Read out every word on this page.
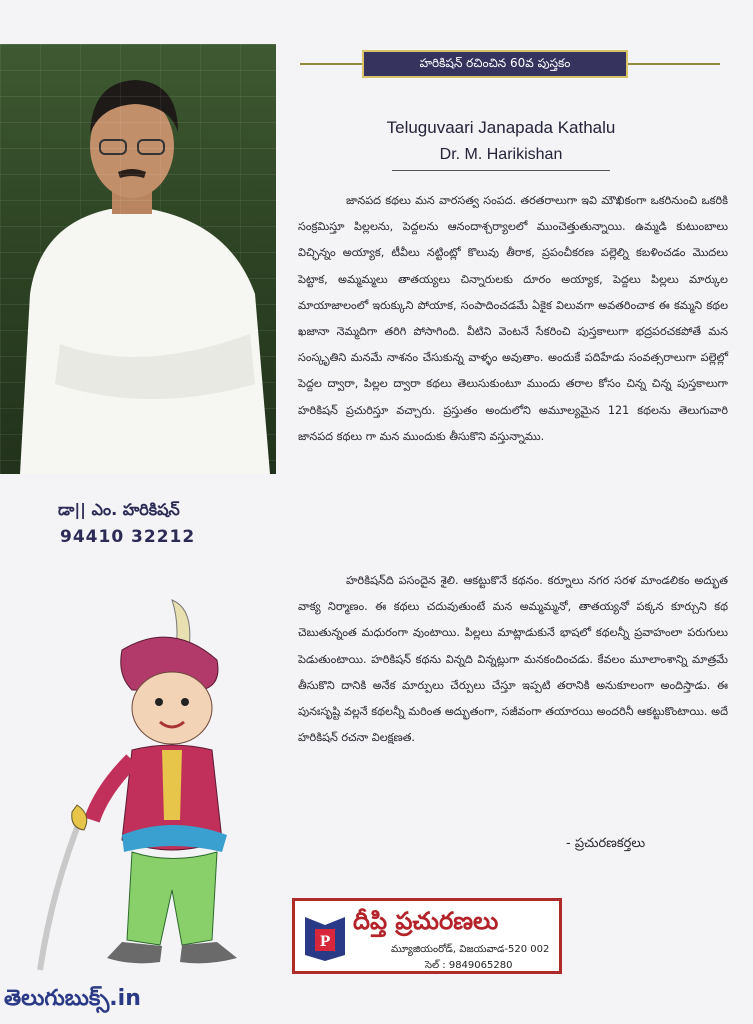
డా|| ఎం. హరికిషన్
94410 32212
హరికిషన్ రచించిన 60వ పుస్తకం
Teluguvaari Janapada Kathalu
Dr. M. Harikishan

జానపద కథలు మన వారసత్వ సంపద. తరతరాలుగా ఇవి మౌఖికంగా ఒకరినుంచి ఒకరికి సంక్రమిస్తూ పిల్లలను, పెద్దలను ఆనందాశ్చర్యాలలో ముంచెత్తుతున్నాయి. ఉమ్మడి కుటుంబాలు విచ్ఛిన్నం అయ్యాక, టీవీలు నట్టింట్లో కొలువు తీరాక, ప్రపంచీకరణ పల్లెల్ని కబళించడం మొదలు పెట్టాక, అమ్మమ్మలు తాతయ్యలు చిన్నారులకు దూరం అయ్యాక, పెద్దలు పిల్లలు మార్కుల మాయాజాలంలో ఇరుక్కుని పోయాక, సంపాదించడమే ఏకైక విలువగా అవతరించాక ఈ కమ్మని కథల ఖజానా నెమ్మదిగా తరిగి పోసాగింది. వీటిని వెంటనే సేకరించి పుస్తకాలుగా భద్రపరచకపోతే మన సంస్కృతిని మనమే నాశనం చేసుకున్న వాళ్ళం అవుతాం. అందుకే పదిహేడు సంవత్సరాలుగా పల్లెల్లో పెద్దల ద్వారా, పిల్లల ద్వారా కథలు తెలుసుకుంటూ ముందు తరాల కోసం చిన్న చిన్న పుస్తకాలుగా హరికిషన్ ప్రచురిస్తూ వచ్చారు. ప్రస్తుతం అందులోని అమూల్యమైన 121 కథలను తెలుగువారి జానపద కథలు గా మన ముందుకు తీసుకొని వస్తున్నాము.

హరికిషన్‌ది పసందైన శైలి. ఆకట్టుకొనే కథనం. కర్నూలు నగర సరళ మాండలికం అద్భుత వాక్య నిర్మాణం. ఈ కథలు చదువుతుంటే మన అమ్మమ్మనో, తాతయ్యనో పక్కన కూర్చుని కథ చెబుతున్నంత మధురంగా వుంటాయి. పిల్లలు మాట్లాడుకునే భాషలో కథలన్నీ ప్రవాహంలా పరుగులు పెడుతుంటాయి. హరికిషన్ కథను విన్నది విన్నట్లుగా మనకందించడు. కేవలం మూలాంశాన్ని మాత్రమే తీసుకొని దానికి అనేక మార్పులు చేర్పులు చేస్తూ ఇప్పటి తరానికి అనుకూలంగా అందిస్తాడు. ఈ పునఃసృష్టి వల్లనే కథలన్నీ మరింత అద్భుతంగా, సజీవంగా తయారయి అందరినీ ఆకట్టుకొంటాయి. అదే హరికిషన్ రచనా విలక్షణత.

- ప్రచురణకర్తలు
P
దీప్తి ప్రచురణలు
మ్యూజియంరోడ్, విజయవాడ-520 002
సెల్ : 9849065280
తెలుగుబుక్స్.in
